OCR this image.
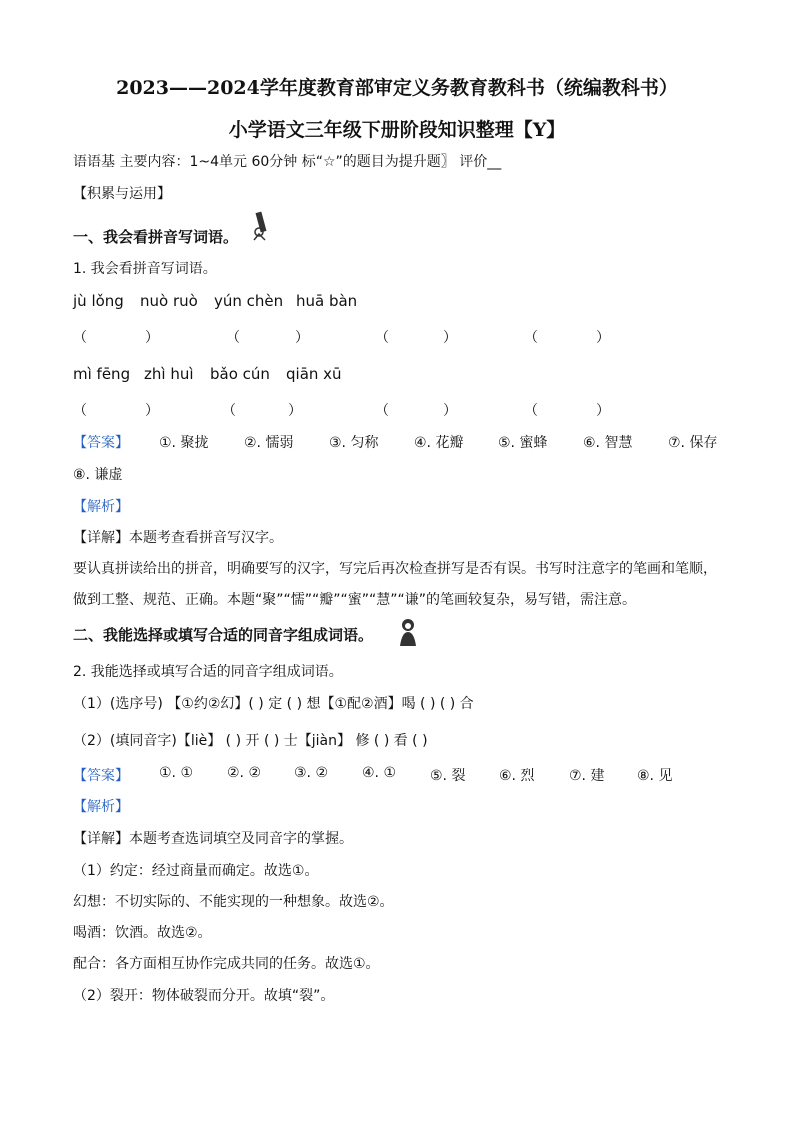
2023——2024学年度教育部审定义务教育教科书（统编教科书）
小学语文三年级下册阶段知识整理【Y】
语语基 主要内容：1~4单元 60分钟 标“☆”的题目为提升题〗 评价__
【积累与运用】
一、我会看拼音写词语。
1. 我会看拼音写词语。
jù lǒng nuò ruò yún chèn huā bàn
（	）	（	）	（	）	（	）
mì fēng zhì huì bǎo cún qiān xū
（	）	（	）	（	）	（	）
【答案】 ①. 聚拢	②. 懦弱	③. 匀称	④. 花瓣 ⑤. 蜜蜂	⑥. 智慧	⑦. 保存
⑧. 谦虚
【解析】
【详解】本题考查看拼音写汉字。
要认真拼读给出的拼音，明确要写的汉字，写完后再次检查拼写是否有误。书写时注意字的笔画和笔顺，
做到工整、规范、正确。本题“聚”“懦”“瓣”“蜜”“慧”“谦”的笔画较复杂，易写错，需注意。
二、我能选择或填写合适的同音字组成词语。
2. 我能选择或填写合适的同音字组成词语。
（1）(选序号) 【①约②幻】( ) 定 ( ) 想【①配②酒】喝 ( ) ( ) 合
（2）(填同音字)【liè】 ( ) 开 ( ) 士【jiàn】 修 ( ) 看 ( )
【答案】 ①. ① ②. ② ③. ② ④. ① ⑤. 裂 ⑥. 烈 ⑦. 建 ⑧. 见
【解析】
【详解】本题考查选词填空及同音字的掌握。
（1）约定：经过商量而确定。故选①。
幻想：不切实际的、不能实现的一种想象。故选②。
喝酒：饮酒。故选②。
配合：各方面相互协作完成共同的任务。故选①。
（2）裂开：物体破裂而分开。故填“裂”。
